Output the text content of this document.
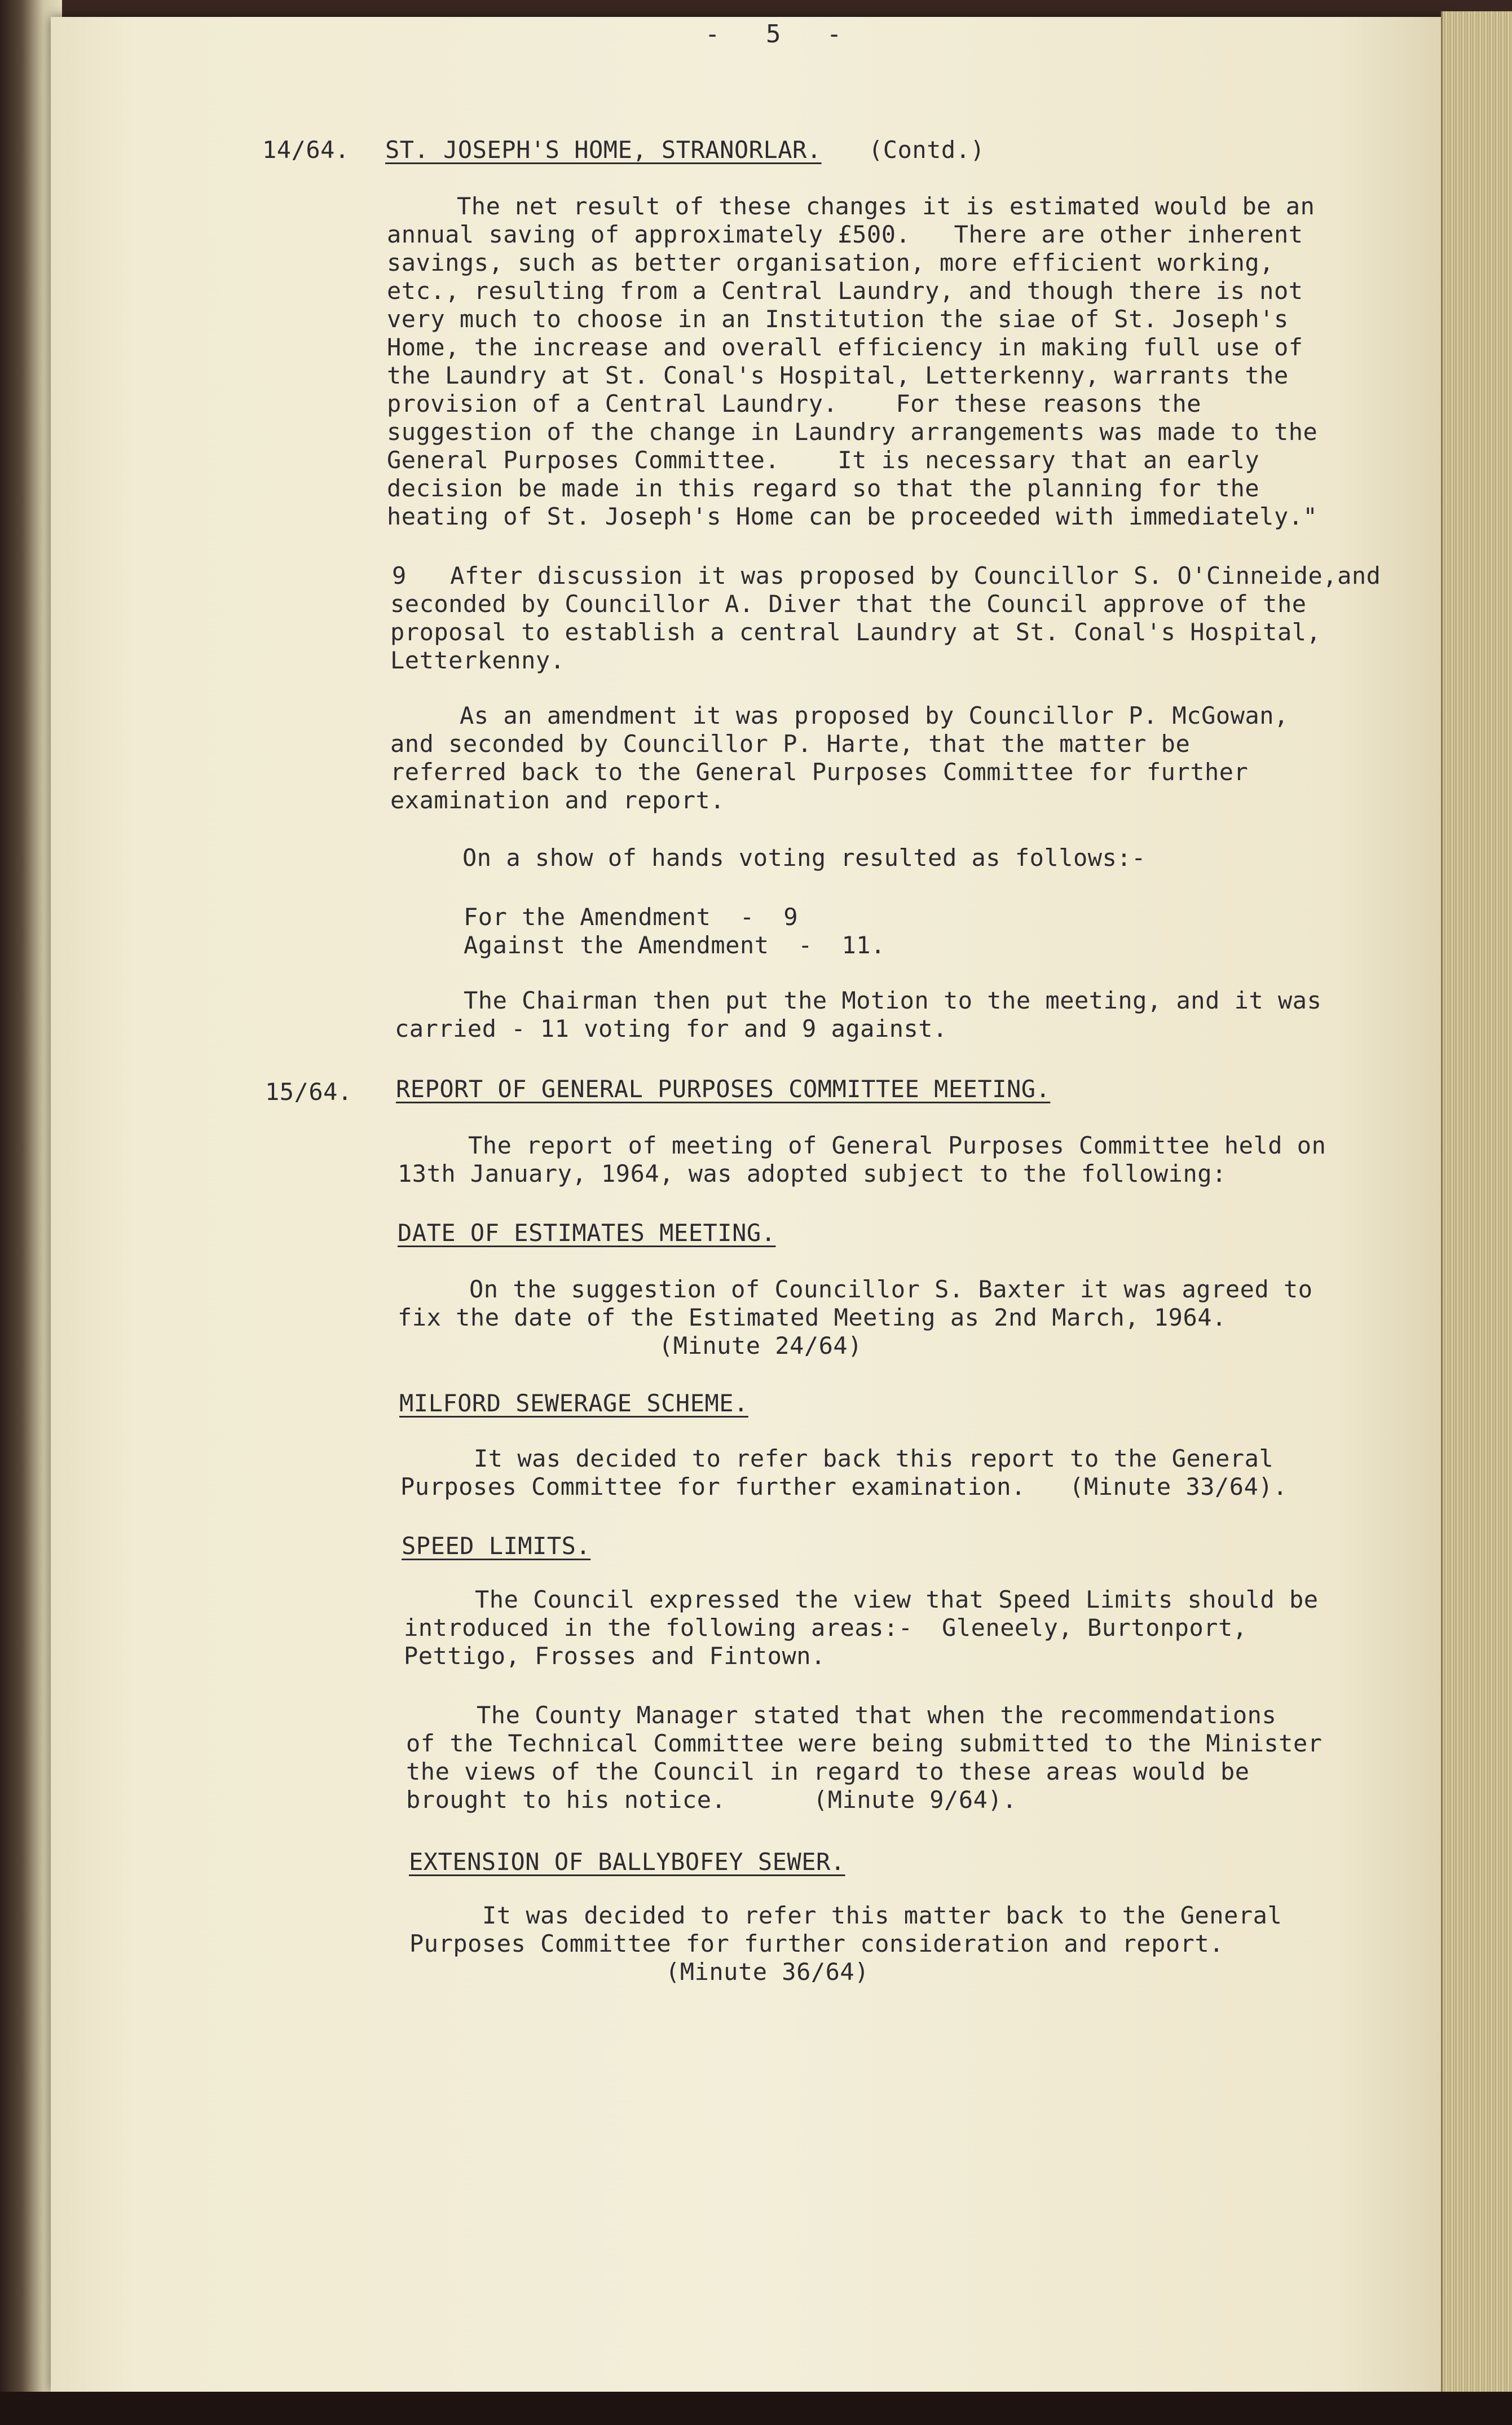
-   5   -
14/64. ST. JOSEPH'S HOME, STRANORLAR. (Contd.)
The net result of these changes it is estimated would be an
annual saving of approximately £500.   There are other inherent
savings, such as better organisation, more efficient working,
etc., resulting from a Central Laundry, and though there is not
very much to choose in an Institution the siae of St. Joseph's
Home, the increase and overall efficiency in making full use of
the Laundry at St. Conal's Hospital, Letterkenny, warrants the
provision of a Central Laundry.    For these reasons the
suggestion of the change in Laundry arrangements was made to the
General Purposes Committee.    It is necessary that an early
decision be made in this regard so that the planning for the
heating of St. Joseph's Home can be proceeded with immediately."
9   After discussion it was proposed by Councillor S. O'Cinneide,and
seconded by Councillor A. Diver that the Council approve of the
proposal to establish a central Laundry at St. Conal's Hospital,
Letterkenny.
As an amendment it was proposed by Councillor P. McGowan,
and seconded by Councillor P. Harte, that the matter be
referred back to the General Purposes Committee for further
examination and report.
On a show of hands voting resulted as follows:-
For the Amendment  -  9
Against the Amendment  -  11.
The Chairman then put the Motion to the meeting, and it was
carried - 11 voting for and 9 against.
15/64. REPORT OF GENERAL PURPOSES COMMITTEE MEETING.
The report of meeting of General Purposes Committee held on
13th January, 1964, was adopted subject to the following:
DATE OF ESTIMATES MEETING.
On the suggestion of Councillor S. Baxter it was agreed to
fix the date of the Estimated Meeting as 2nd March, 1964.
(Minute 24/64)
MILFORD SEWERAGE SCHEME.
It was decided to refer back this report to the General
Purposes Committee for further examination.   (Minute 33/64).
SPEED LIMITS.
The Council expressed the view that Speed Limits should be
introduced in the following areas:-  Gleneely, Burtonport,
Pettigo, Frosses and Fintown.
The County Manager stated that when the recommendations
of the Technical Committee were being submitted to the Minister
the views of the Council in regard to these areas would be
brought to his notice.      (Minute 9/64).
EXTENSION OF BALLYBOFEY SEWER.
It was decided to refer this matter back to the General
Purposes Committee for further consideration and report.
(Minute 36/64)
